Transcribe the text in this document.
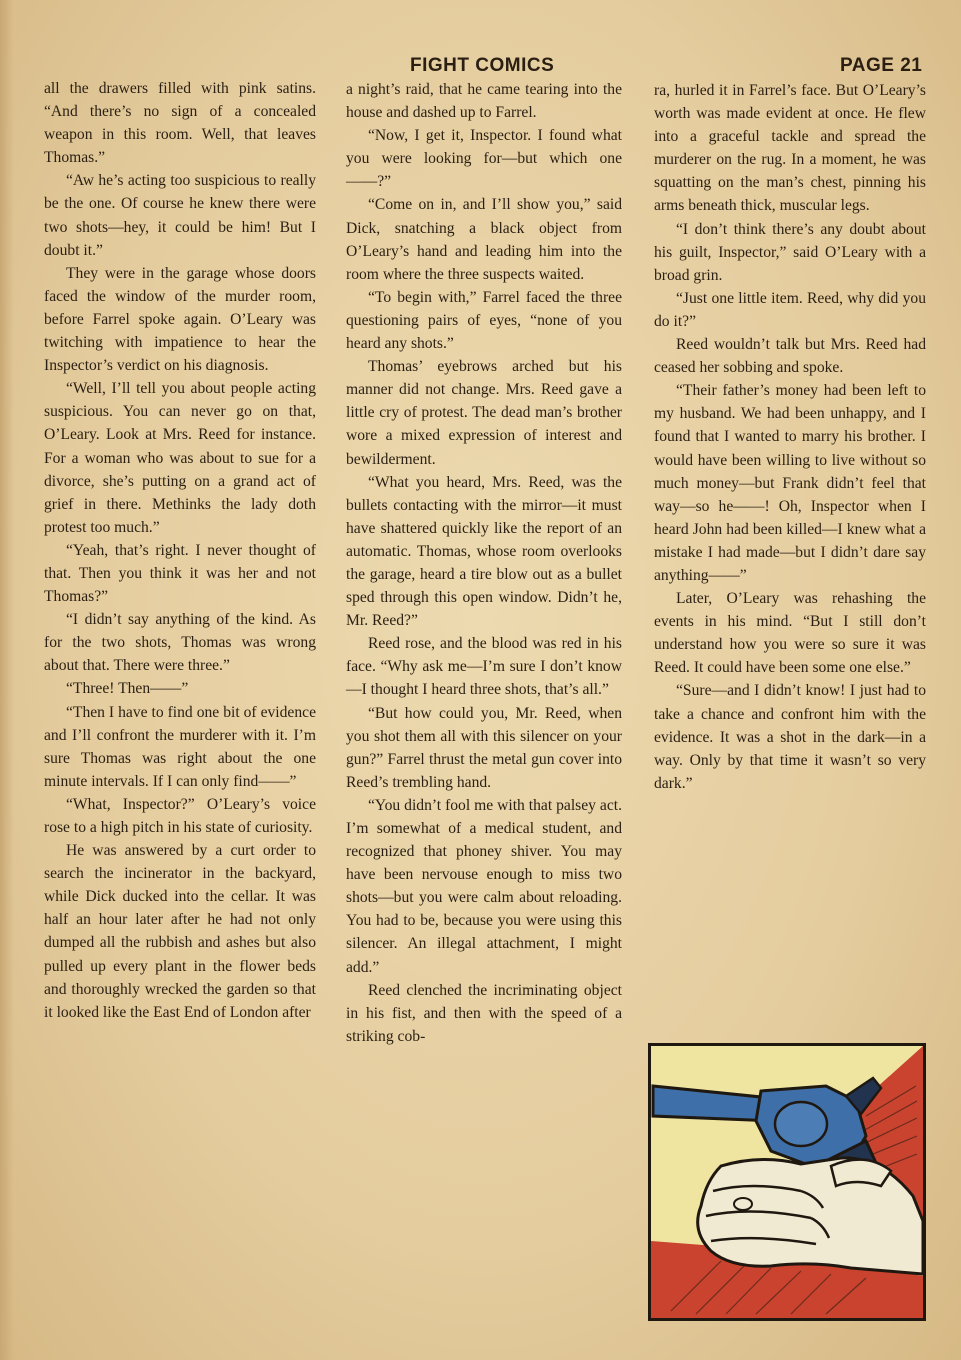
FIGHT COMICS	PAGE 21

all the drawers filled with pink satins. “And there’s no sign of a concealed weapon in this room. Well, that leaves Thomas.”

“Aw he’s acting too suspicious to really be the one. Of course he knew there were two shots—hey, it could be him! But I doubt it.”

They were in the garage whose doors faced the window of the murder room, before Farrel spoke again. O’Leary was twitching with impatience to hear the Inspector’s verdict on his diagnosis.

“Well, I’ll tell you about people acting suspicious. You can never go on that, O’Leary. Look at Mrs. Reed for instance. For a woman who was about to sue for a divorce, she’s putting on a grand act of grief in there. Methinks the lady doth protest too much.”

“Yeah, that’s right. I never thought of that. Then you think it was her and not Thomas?”

“I didn’t say anything of the kind. As for the two shots, Thomas was wrong about that. There were three.”

“Three! Then——”

“Then I have to find one bit of evidence and I’ll confront the murderer with it. I’m sure Thomas was right about the one minute intervals. If I can only find——”

“What, Inspector?” O’Leary’s voice rose to a high pitch in his state of curiosity.

He was answered by a curt order to search the incinerator in the backyard, while Dick ducked into the cellar. It was half an hour later after he had not only dumped all the rubbish and ashes but also pulled up every plant in the flower beds and thoroughly wrecked the garden so that it looked like the East End of London after

a night’s raid, that he came tearing into the house and dashed up to Farrel.

“Now, I get it, Inspector. I found what you were looking for—but which one——?”

“Come on in, and I’ll show you,” said Dick, snatching a black object from O’Leary’s hand and leading him into the room where the three suspects waited.

“To begin with,” Farrel faced the three questioning pairs of eyes, “none of you heard any shots.”

Thomas’ eyebrows arched but his manner did not change. Mrs. Reed gave a little cry of protest. The dead man’s brother wore a mixed expression of interest and bewilderment.

“What you heard, Mrs. Reed, was the bullets contacting with the mirror—it must have shattered quickly like the report of an automatic. Thomas, whose room overlooks the garage, heard a tire blow out as a bullet sped through this open window. Didn’t he, Mr. Reed?”

Reed rose, and the blood was red in his face. “Why ask me—I’m sure I don’t know—I thought I heard three shots, that’s all.”

“But how could you, Mr. Reed, when you shot them all with this silencer on your gun?” Farrel thrust the metal gun cover into Reed’s trembling hand.

“You didn’t fool me with that palsey act. I’m somewhat of a medical student, and recognized that phoney shiver. You may have been nervouse enough to miss two shots—but you were calm about reloading. You had to be, because you were using this silencer. An illegal attachment, I might add.”

Reed clenched the incriminating object in his fist, and then with the speed of a striking cob-

ra, hurled it in Farrel’s face. But O’Leary’s worth was made evident at once. He flew into a graceful tackle and spread the murderer on the rug. In a moment, he was squatting on the man’s chest, pinning his arms beneath thick, muscular legs.

“I don’t think there’s any doubt about his guilt, Inspector,” said O’Leary with a broad grin.

“Just one little item. Reed, why did you do it?”

Reed wouldn’t talk but Mrs. Reed had ceased her sobbing and spoke.

“Their father’s money had been left to my husband. We had been unhappy, and I found that I wanted to marry his brother. I would have been willing to live without so much money—but Frank didn’t feel that way—so he——! Oh, Inspector when I heard John had been killed—I knew what a mistake I had made—but I didn’t dare say anything——”

Later, O’Leary was rehashing the events in his mind. “But I still don’t understand how you were so sure it was Reed. It could have been some one else.”

“Sure—and I didn’t know! I just had to take a chance and confront him with the evidence. It was a shot in the dark—in a way. Only by that time it wasn’t so very dark.”
